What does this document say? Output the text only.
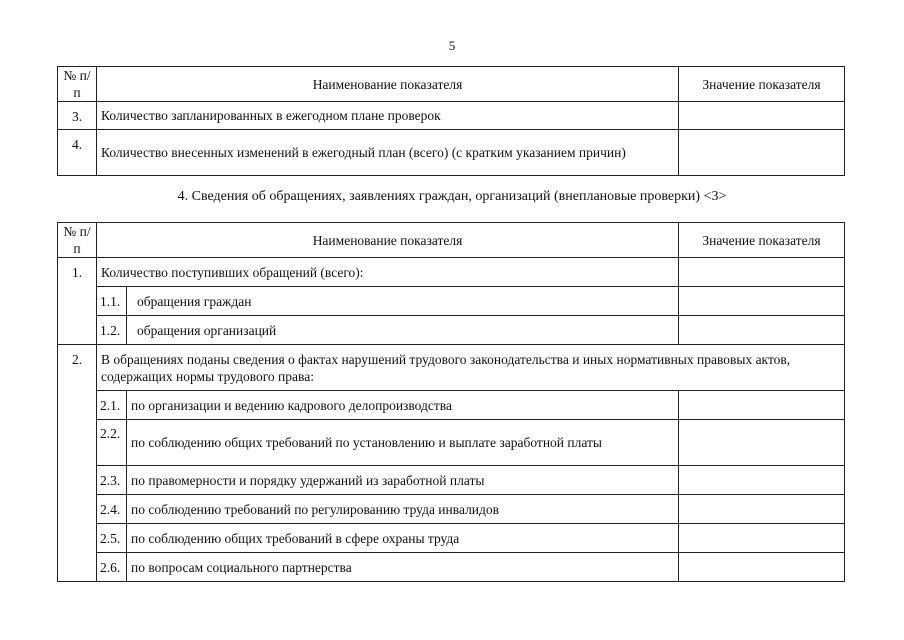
5
№ п/п	Наименование показателя	Значение показателя
3.	Количество запланированных в ежегодном плане проверок	
4.	Количество внесенных изменений в ежегодный план (всего) (с кратким указанием причин)	
4. Сведения об обращениях, заявлениях граждан, организаций (внеплановые проверки) <3>
№ п/п	Наименование показателя		Значение показателя
1.	Количество поступивших обращений (всего):		
	1.1.	обращения граждан	
	1.2.	обращения организаций	
2.	В обращениях поданы сведения о фактах нарушений трудового законодательства и иных нормативных правовых актов, содержащих нормы трудового права:		
	2.1.	по организации и ведению кадрового делопроизводства	
	2.2.	по соблюдению общих требований по установлению и выплате заработной платы	
	2.3.	по правомерности и порядку удержаний из заработной платы	
	2.4.	по соблюдению требований по регулированию труда инвалидов	
	2.5.	по соблюдению общих требований в сфере охраны труда	
	2.6.	по вопросам социального партнерства	
